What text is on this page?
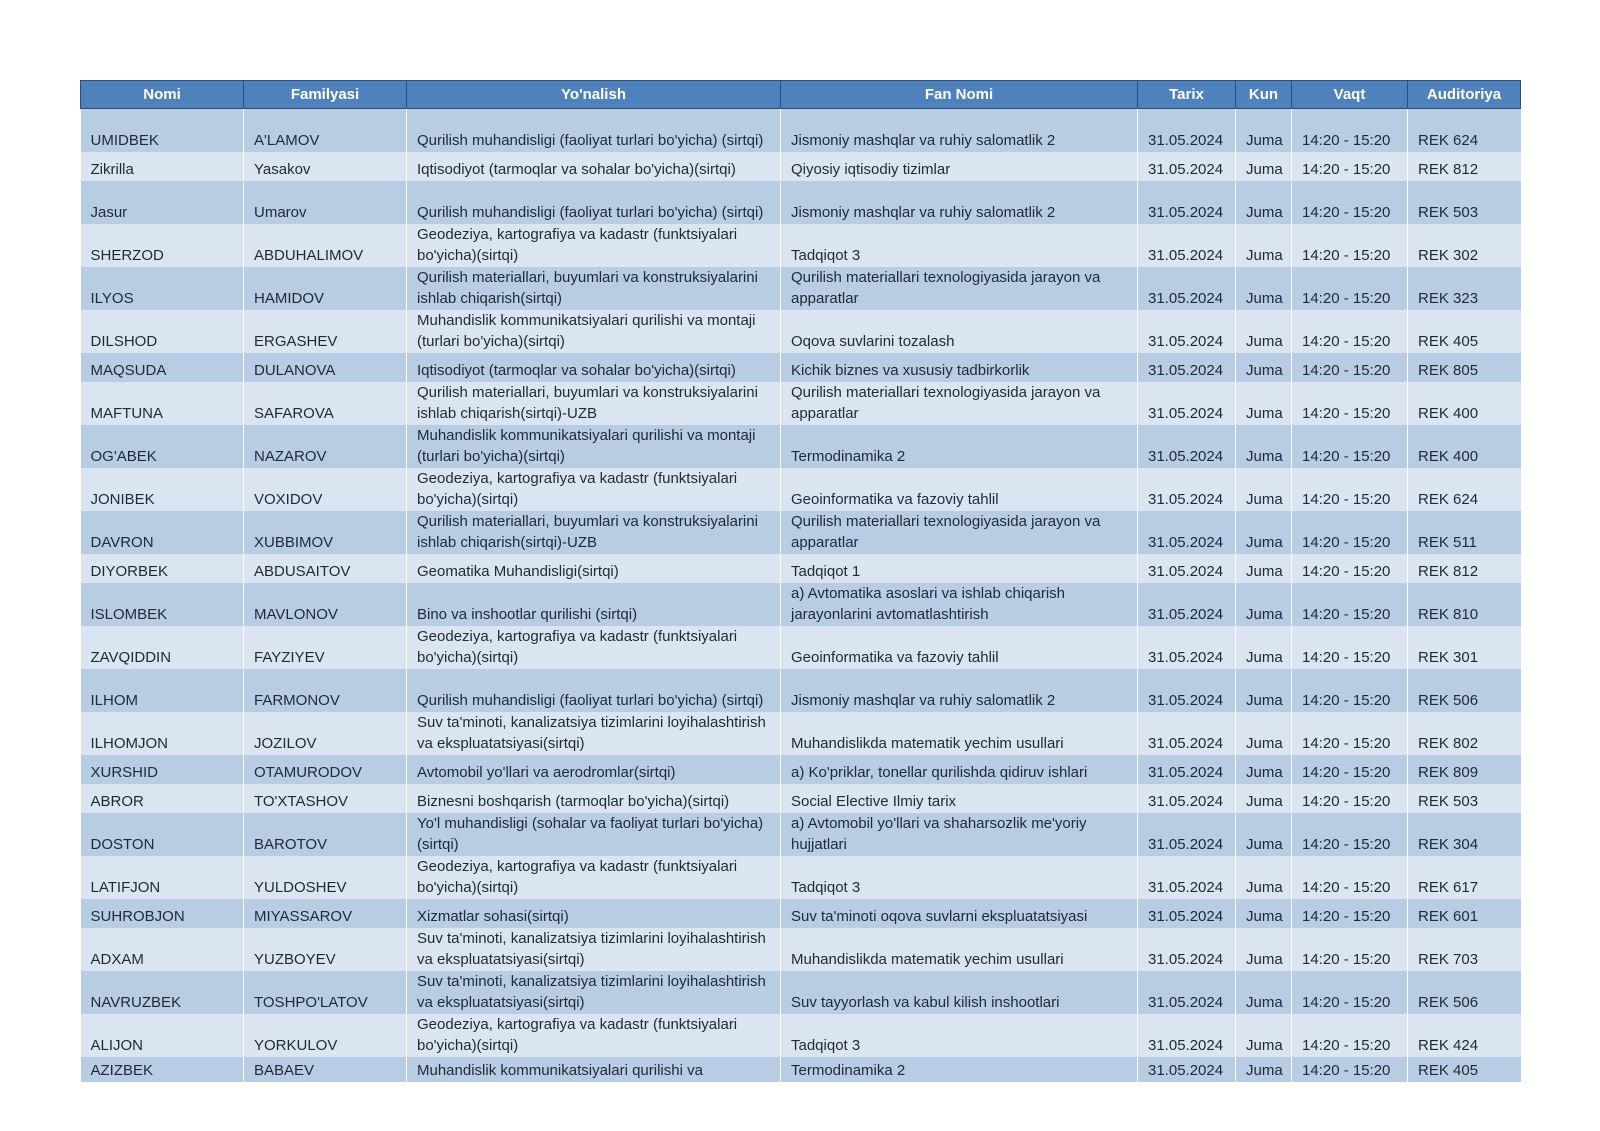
Nomi	Familyasi	Yo'nalish	Fan Nomi	Tarix	Kun	Vaqt	Auditoriya
UMIDBEK	A'LAMOV	Qurilish muhandisligi (faoliyat turlari bo'yicha) (sirtqi)	Jismoniy mashqlar va ruhiy salomatlik 2	31.05.2024	Juma	14:20 - 15:20	REK 624
Zikrilla	Yasakov	Iqtisodiyot (tarmoqlar va sohalar bo'yicha)(sirtqi)	Qiyosiy iqtisodiy tizimlar	31.05.2024	Juma	14:20 - 15:20	REK 812
Jasur	Umarov	Qurilish muhandisligi (faoliyat turlari bo'yicha) (sirtqi)	Jismoniy mashqlar va ruhiy salomatlik 2	31.05.2024	Juma	14:20 - 15:20	REK 503
SHERZOD	ABDUHALIMOV	Geodeziya, kartografiya va kadastr (funktsiyalari bo'yicha)(sirtqi)	Tadqiqot 3	31.05.2024	Juma	14:20 - 15:20	REK 302
ILYOS	HAMIDOV	Qurilish materiallari, buyumlari va konstruksiyalarini ishlab chiqarish(sirtqi)	Qurilish materiallari texnologiyasida jarayon va apparatlar	31.05.2024	Juma	14:20 - 15:20	REK 323
DILSHOD	ERGASHEV	Muhandislik kommunikatsiyalari qurilishi va montaji (turlari bo'yicha)(sirtqi)	Oqova suvlarini tozalash	31.05.2024	Juma	14:20 - 15:20	REK 405
MAQSUDA	DULANOVA	Iqtisodiyot (tarmoqlar va sohalar bo'yicha)(sirtqi)	Kichik biznes va xususiy tadbirkorlik	31.05.2024	Juma	14:20 - 15:20	REK 805
MAFTUNA	SAFAROVA	Qurilish materiallari, buyumlari va konstruksiyalarini ishlab chiqarish(sirtqi)-UZB	Qurilish materiallari texnologiyasida jarayon va apparatlar	31.05.2024	Juma	14:20 - 15:20	REK 400
OG'ABEK	NAZAROV	Muhandislik kommunikatsiyalari qurilishi va montaji (turlari bo'yicha)(sirtqi)	Termodinamika 2	31.05.2024	Juma	14:20 - 15:20	REK 400
JONIBEK	VOXIDOV	Geodeziya, kartografiya va kadastr (funktsiyalari bo'yicha)(sirtqi)	Geoinformatika va fazoviy tahlil	31.05.2024	Juma	14:20 - 15:20	REK 624
DAVRON	XUBBIMOV	Qurilish materiallari, buyumlari va konstruksiyalarini ishlab chiqarish(sirtqi)-UZB	Qurilish materiallari texnologiyasida jarayon va apparatlar	31.05.2024	Juma	14:20 - 15:20	REK 511
DIYORBEK	ABDUSAITOV	Geomatika Muhandisligi(sirtqi)	Tadqiqot 1	31.05.2024	Juma	14:20 - 15:20	REK 812
ISLOMBEK	MAVLONOV	Bino va inshootlar qurilishi (sirtqi)	a) Avtomatika asoslari va ishlab chiqarish jarayonlarini avtomatlashtirish	31.05.2024	Juma	14:20 - 15:20	REK 810
ZAVQIDDIN	FAYZIYEV	Geodeziya, kartografiya va kadastr (funktsiyalari bo'yicha)(sirtqi)	Geoinformatika va fazoviy tahlil	31.05.2024	Juma	14:20 - 15:20	REK 301
ILHOM	FARMONOV	Qurilish muhandisligi (faoliyat turlari bo'yicha) (sirtqi)	Jismoniy mashqlar va ruhiy salomatlik 2	31.05.2024	Juma	14:20 - 15:20	REK 506
ILHOMJON	JOZILOV	Suv ta'minoti, kanalizatsiya tizimlarini loyihalashtirish va ekspluatatsiyasi(sirtqi)	Muhandislikda matematik yechim usullari	31.05.2024	Juma	14:20 - 15:20	REK 802
XURSHID	OTAMURODOV	Avtomobil yo'llari va aerodromlar(sirtqi)	a) Ko'priklar, tonellar qurilishda qidiruv ishlari	31.05.2024	Juma	14:20 - 15:20	REK 809
ABROR	TO'XTASHOV	Biznesni boshqarish (tarmoqlar bo'yicha)(sirtqi)	Social Elective Ilmiy tarix	31.05.2024	Juma	14:20 - 15:20	REK 503
DOSTON	BAROTOV	Yo'l muhandisligi (sohalar va faoliyat turlari bo'yicha)(sirtqi)	a) Avtomobil yo'llari va shaharsozlik me'yoriy hujjatlari	31.05.2024	Juma	14:20 - 15:20	REK 304
LATIFJON	YULDOSHEV	Geodeziya, kartografiya va kadastr (funktsiyalari bo'yicha)(sirtqi)	Tadqiqot 3	31.05.2024	Juma	14:20 - 15:20	REK 617
SUHROBJON	MIYASSAROV	Xizmatlar sohasi(sirtqi)	Suv ta'minoti oqova suvlarni ekspluatatsiyasi	31.05.2024	Juma	14:20 - 15:20	REK 601
ADXAM	YUZBOYEV	Suv ta'minoti, kanalizatsiya tizimlarini loyihalashtirish va ekspluatatsiyasi(sirtqi)	Muhandislikda matematik yechim usullari	31.05.2024	Juma	14:20 - 15:20	REK 703
NAVRUZBEK	TOSHPO'LATOV	Suv ta'minoti, kanalizatsiya tizimlarini loyihalashtirish va ekspluatatsiyasi(sirtqi)	Suv tayyorlash va kabul kilish inshootlari	31.05.2024	Juma	14:20 - 15:20	REK 506
ALIJON	YORKULOV	Geodeziya, kartografiya va kadastr (funktsiyalari bo'yicha)(sirtqi)	Tadqiqot 3	31.05.2024	Juma	14:20 - 15:20	REK 424
AZIZBEK	BABAEV	Muhandislik kommunikatsiyalari qurilishi va	Termodinamika 2	31.05.2024	Juma	14:20 - 15:20	REK 405
